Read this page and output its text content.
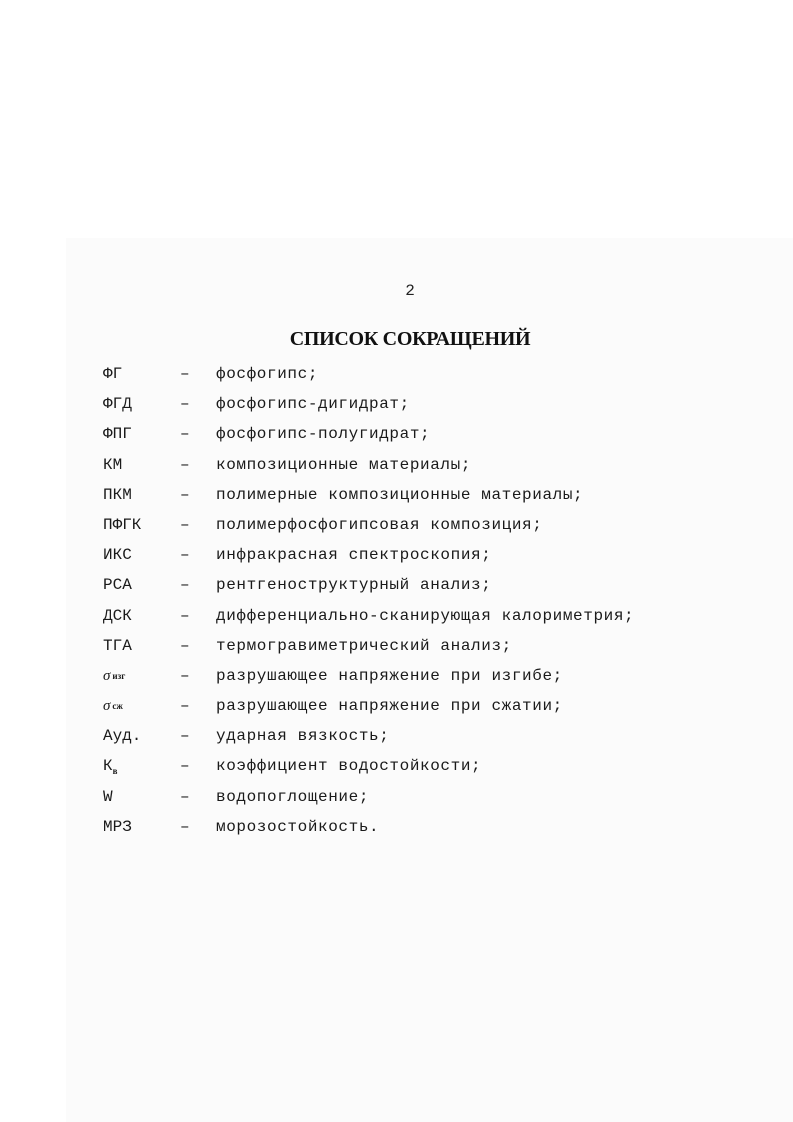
2
СПИСОК СОКРАЩЕНИЙ
ФГ	– фосфогипс;
ФГД	– фосфогипс-дигидрат;
ФПГ	– фосфогипс-полугидрат;
КМ	– композиционные материалы;
ПКМ	– полимерные композиционные материалы;
ПФГК – полимерфосфогипсовая композиция;
ИКС	– инфракрасная спектроскопия;
РСА	– рентгеноструктурный анализ;
ДСК	– дифференциально-сканирующая калориметрия;
ТГА	– термогравиметрический анализ;
σизг	– разрушающее напряжение при изгибе;
σсж	– разрушающее напряжение при сжатии;
Ауд. – ударная вязкость;
$К_в$	– коэффициент водостойкости;
W	– водопоглощение;
МРЗ	– морозостойкость.
